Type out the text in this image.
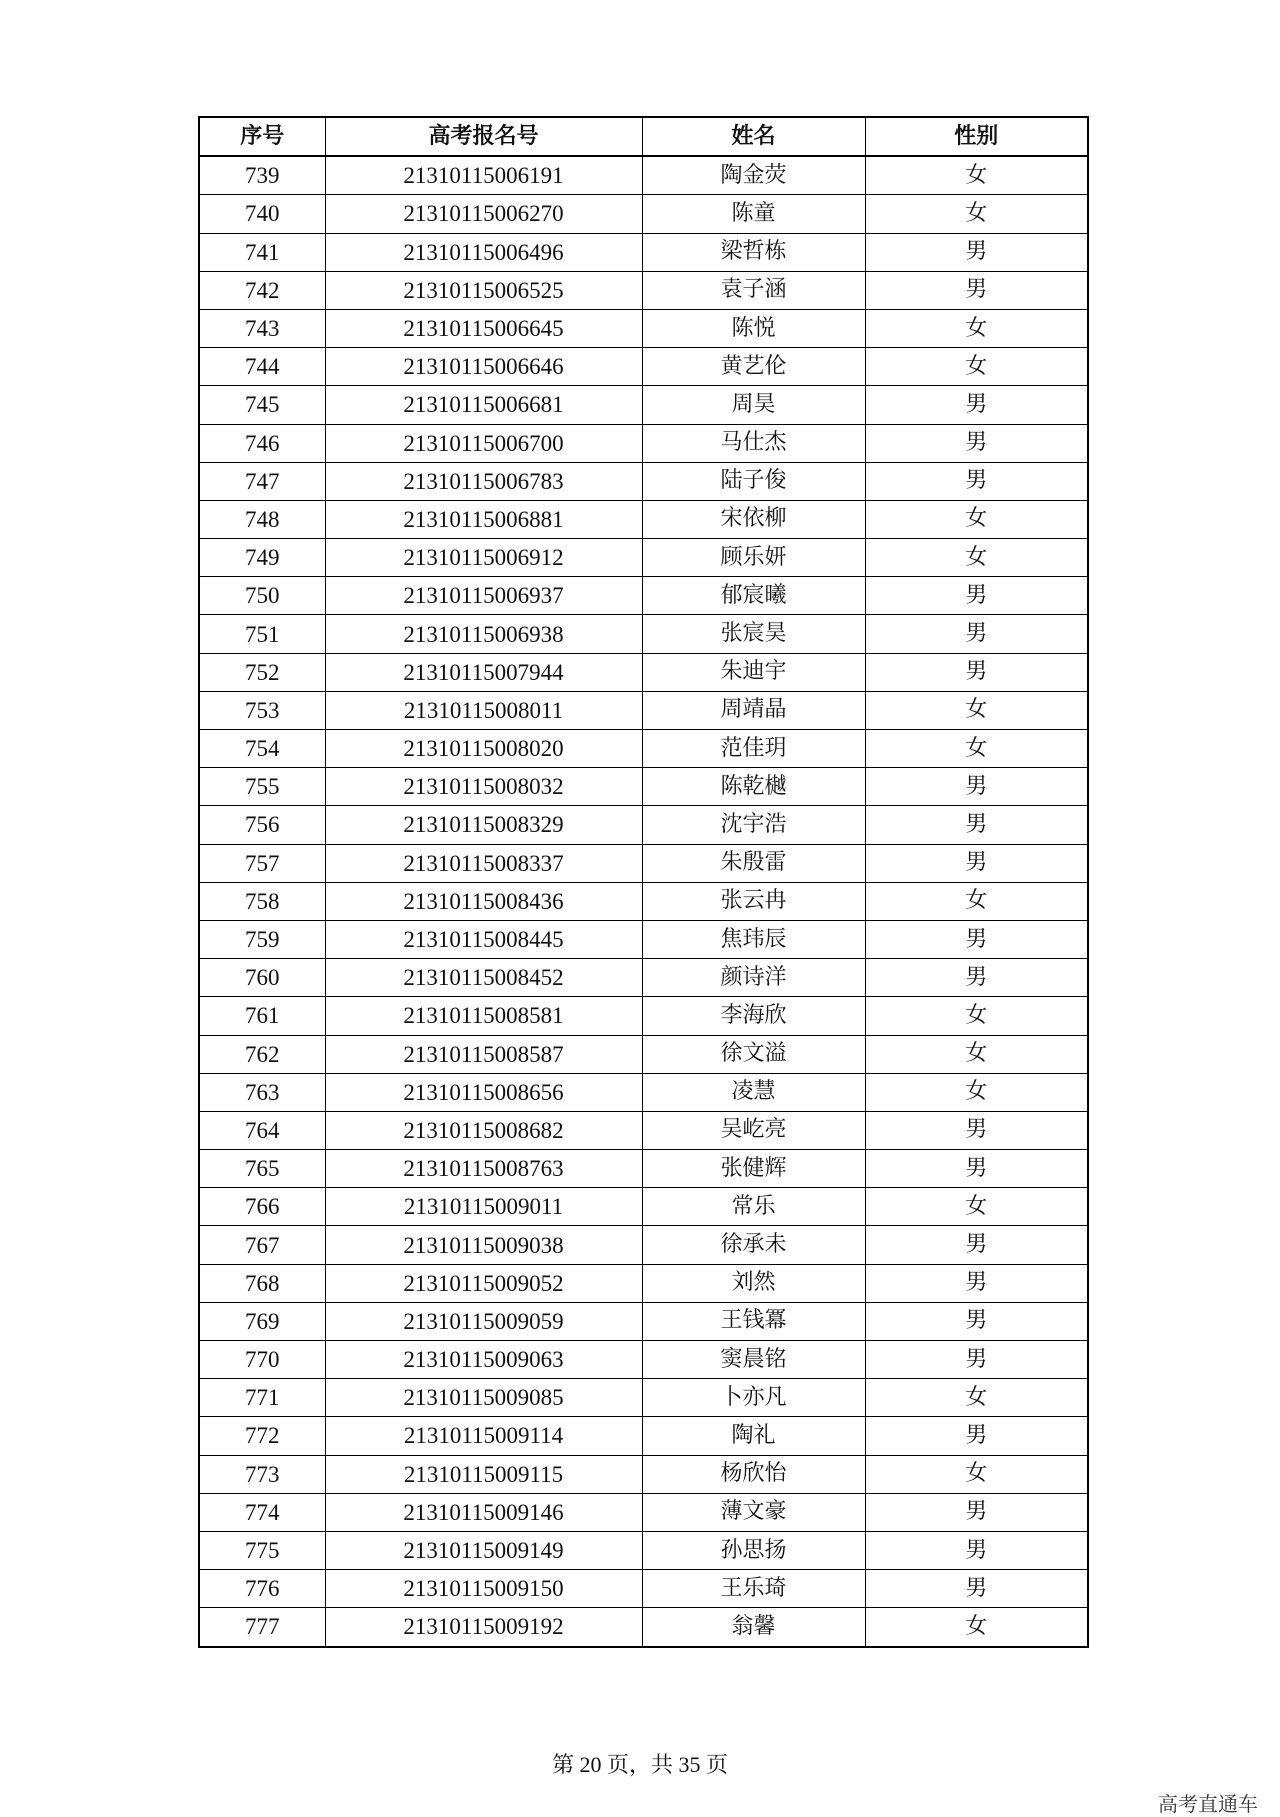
序号	高考报名号	姓名	性别
739	21310115006191	陶金荧	女
740	21310115006270	陈童	女
741	21310115006496	梁哲栋	男
742	21310115006525	袁子涵	男
743	21310115006645	陈悦	女
744	21310115006646	黄艺伦	女
745	21310115006681	周昊	男
746	21310115006700	马仕杰	男
747	21310115006783	陆子俊	男
748	21310115006881	宋依柳	女
749	21310115006912	顾乐妍	女
750	21310115006937	郁宸曦	男
751	21310115006938	张宸昊	男
752	21310115007944	朱迪宇	男
753	21310115008011	周靖晶	女
754	21310115008020	范佳玥	女
755	21310115008032	陈乾樾	男
756	21310115008329	沈宇浩	男
757	21310115008337	朱殷雷	男
758	21310115008436	张云冉	女
759	21310115008445	焦玮辰	男
760	21310115008452	颜诗洋	男
761	21310115008581	李海欣	女
762	21310115008587	徐文溢	女
763	21310115008656	凌慧	女
764	21310115008682	吴屹亮	男
765	21310115008763	张健辉	男
766	21310115009011	常乐	女
767	21310115009038	徐承未	男
768	21310115009052	刘然	男
769	21310115009059	王钱冪	男
770	21310115009063	窦晨铭	男
771	21310115009085	卜亦凡	女
772	21310115009114	陶礼	男
773	21310115009115	杨欣怡	女
774	21310115009146	薄文豪	男
775	21310115009149	孙思扬	男
776	21310115009150	王乐琦	男
777	21310115009192	翁馨	女
第 20 页，共 35 页
高考直通车
